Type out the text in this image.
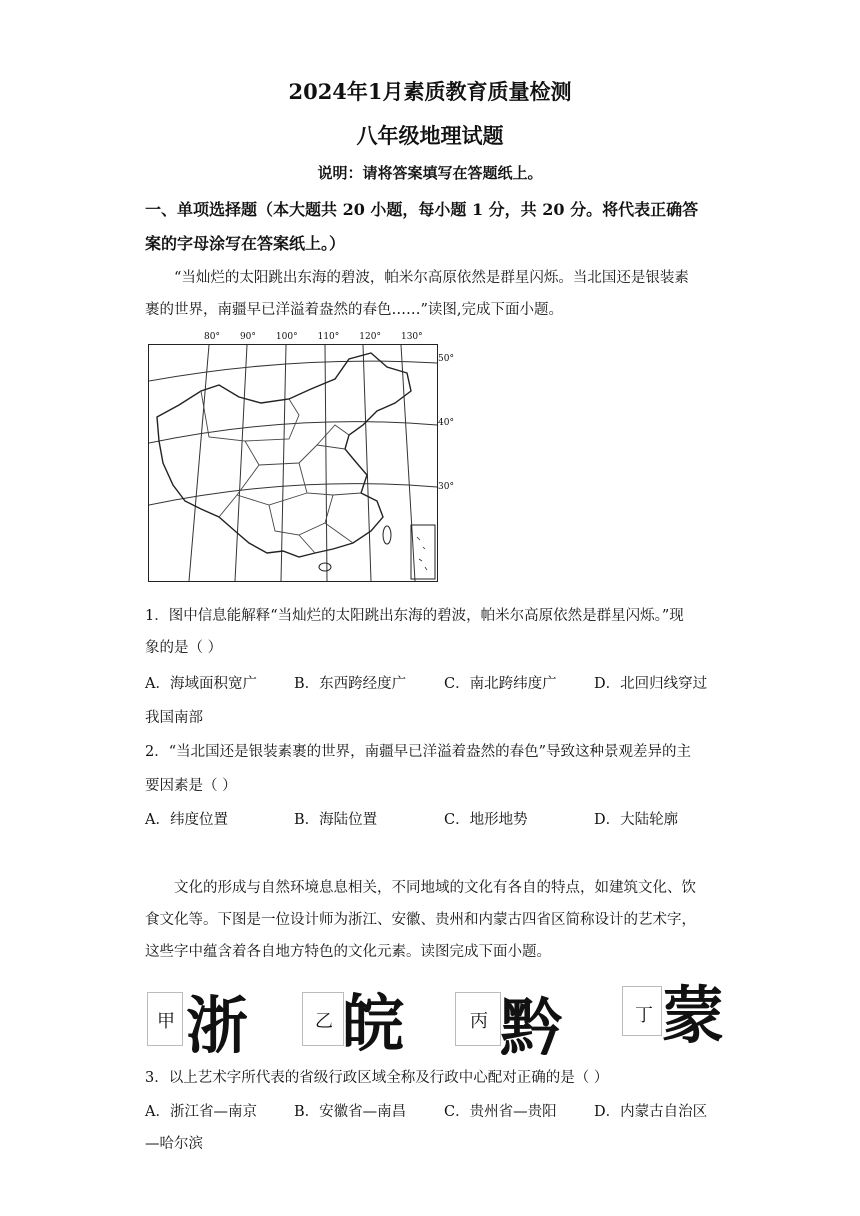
2024年1月素质教育质量检测
八年级地理试题
说明：请将答案填写在答题纸上。
一、单项选择题（本大题共 20 小题，每小题 1 分，共 20 分。将代表正确答
案的字母涂写在答案纸上。）
“当灿烂的太阳跳出东海的碧波，帕米尔高原依然是群星闪烁。当北国还是银装素
裹的世界，南疆早已洋溢着盎然的春色……”读图,完成下面小题。
80° 90° 100° 110° 120° 130°
50°
40°
30°
1．图中信息能解释“当灿烂的太阳跳出东海的碧波，帕米尔高原依然是群星闪烁。”现
象的是（ ）
A．海域面积宽广	B．东西跨经度广	C．南北跨纬度广	D．北回归线穿过
我国南部
2．“当北国还是银装素裹的世界，南疆早已洋溢着盎然的春色”导致这种景观差异的主
要因素是（ ）
A．纬度位置	B．海陆位置	C．地形地势	D．大陆轮廓
文化的形成与自然环境息息相关，不同地域的文化有各自的特点，如建筑文化、饮
食文化等。下图是一位设计师为浙江、安徽、贵州和内蒙古四省区简称设计的艺术字，
这些字中蕴含着各自地方特色的文化元素。读图完成下面小题。
甲 浙	乙 皖	丙 黔	丁 蒙
3．以上艺术字所代表的省级行政区域全称及行政中心配对正确的是（ ）
A．浙江省—南京	B．安徽省—南昌	C．贵州省—贵阳	D．内蒙古自治区
—哈尔滨
